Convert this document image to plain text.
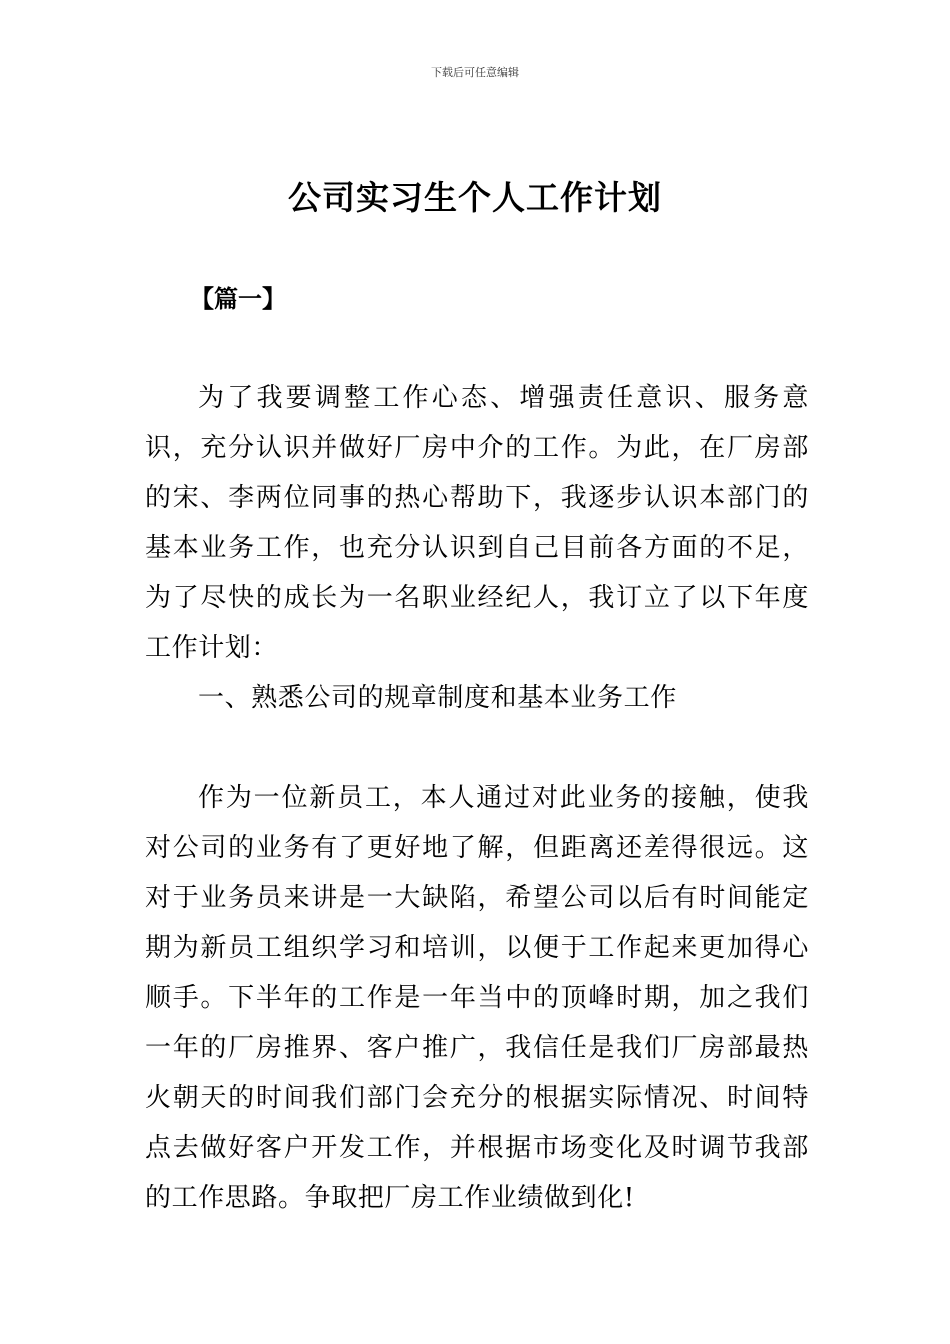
下载后可任意编辑
公司实习生个人工作计划
【篇一】

为了我要调整工作心态、增强责任意识、服务意识，充分认识并做好厂房中介的工作。为此，在厂房部的宋、李两位同事的热心帮助下，我逐步认识本部门的基本业务工作，也充分认识到自己目前各方面的不足，为了尽快的成长为一名职业经纪人，我订立了以下年度工作计划：

一、熟悉公司的规章制度和基本业务工作

作为一位新员工，本人通过对此业务的接触，使我对公司的业务有了更好地了解，但距离还差得很远。这对于业务员来讲是一大缺陷，希望公司以后有时间能定期为新员工组织学习和培训，以便于工作起来更加得心顺手。下半年的工作是一年当中的顶峰时期，加之我们一年的厂房推界、客户推广，我信任是我们厂房部最热火朝天的时间我们部门会充分的根据实际情况、时间特点去做好客户开发工作，并根据市场变化及时调节我部的工作思路。争取把厂房工作业绩做到化!
